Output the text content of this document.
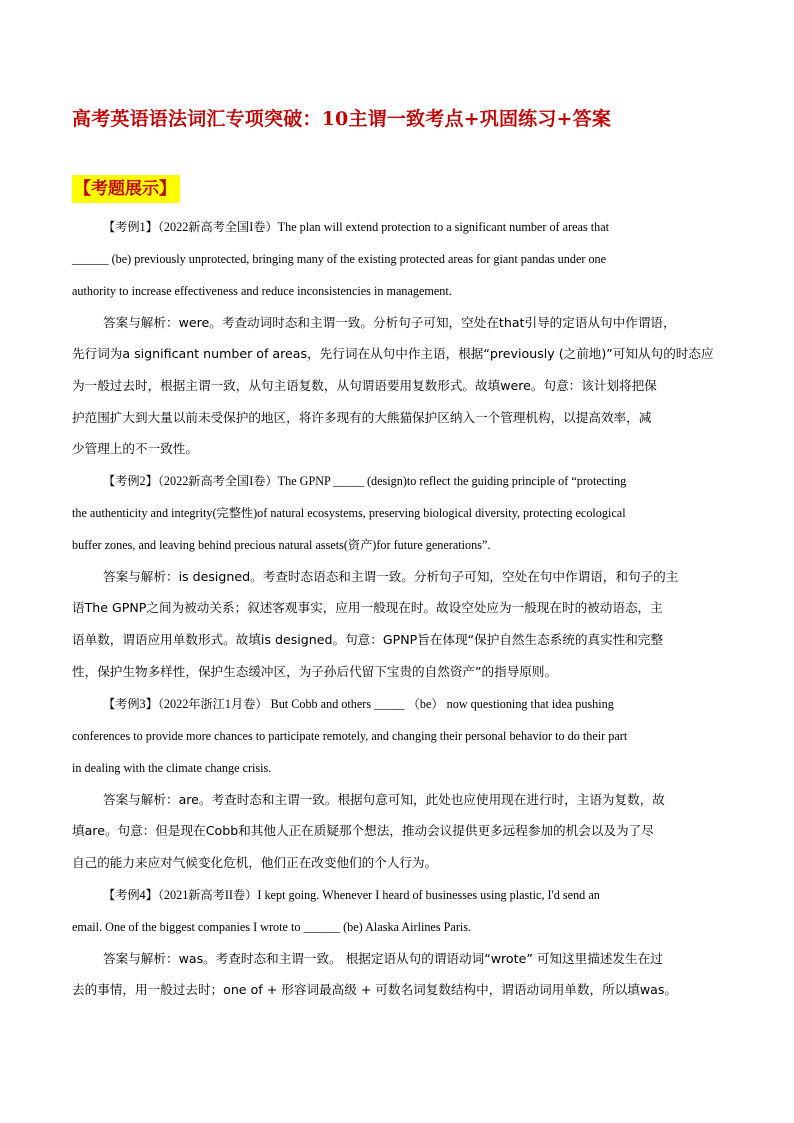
高考英语语法词汇专项突破：10主谓一致考点+巩固练习+答案
【考题展示】
【考例1】（2022新高考全国I卷）The plan will extend protection to a significant number of areas that
______ (be) previously unprotected, bringing many of the existing protected areas for giant pandas under one
authority to increase effectiveness and reduce inconsistencies in management.
答案与解析：were。考查动词时态和主谓一致。分析句子可知，空处在that引导的定语从句中作谓语，
先行词为a significant number of areas，先行词在从句中作主语，根据“previously (之前地)”可知从句的时态应
为一般过去时，根据主谓一致，从句主语复数，从句谓语要用复数形式。故填were。句意：该计划将把保
护范围扩大到大量以前未受保护的地区，将许多现有的大熊猫保护区纳入一个管理机构，以提高效率，减
少管理上的不一致性。
【考例2】（2022新高考全国I卷）The GPNP _____ (design)to reflect the guiding principle of “protecting
the authenticity and integrity(完整性)of natural ecosystems, preserving biological diversity, protecting ecological
buffer zones, and leaving behind precious natural assets(资产)for future generations”.
答案与解析：is designed。考查时态语态和主谓一致。分析句子可知，空处在句中作谓语，和句子的主
语The GPNP之间为被动关系；叙述客观事实，应用一般现在时。故设空处应为一般现在时的被动语态，主
语单数，谓语应用单数形式。故填is designed。句意：GPNP旨在体现“保护自然生态系统的真实性和完整
性，保护生物多样性，保护生态缓冲区，为子孙后代留下宝贵的自然资产”的指导原则。
【考例3】（2022年浙江1月卷） But Cobb and others _____ （be） now questioning that idea pushing
conferences to provide more chances to participate remotely, and changing their personal behavior to do their part
in dealing with the climate change crisis.
答案与解析：are。考查时态和主谓一致。根据句意可知，此处也应使用现在进行时，主语为复数，故
填are。句意：但是现在Cobb和其他人正在质疑那个想法，推动会议提供更多远程参加的机会以及为了尽
自己的能力来应对气候变化危机，他们正在改变他们的个人行为。
【考例4】（2021新高考II卷）I kept going. Whenever I heard of businesses using plastic, I'd send an
email. One of the biggest companies I wrote to ______ (be) Alaska Airlines Paris.
答案与解析：was。考查时态和主谓一致。 根据定语从句的谓语动词“wrote” 可知这里描述发生在过
去的事情，用一般过去时；one of + 形容词最高级 + 可数名词复数结构中，谓语动词用单数，所以填was。
